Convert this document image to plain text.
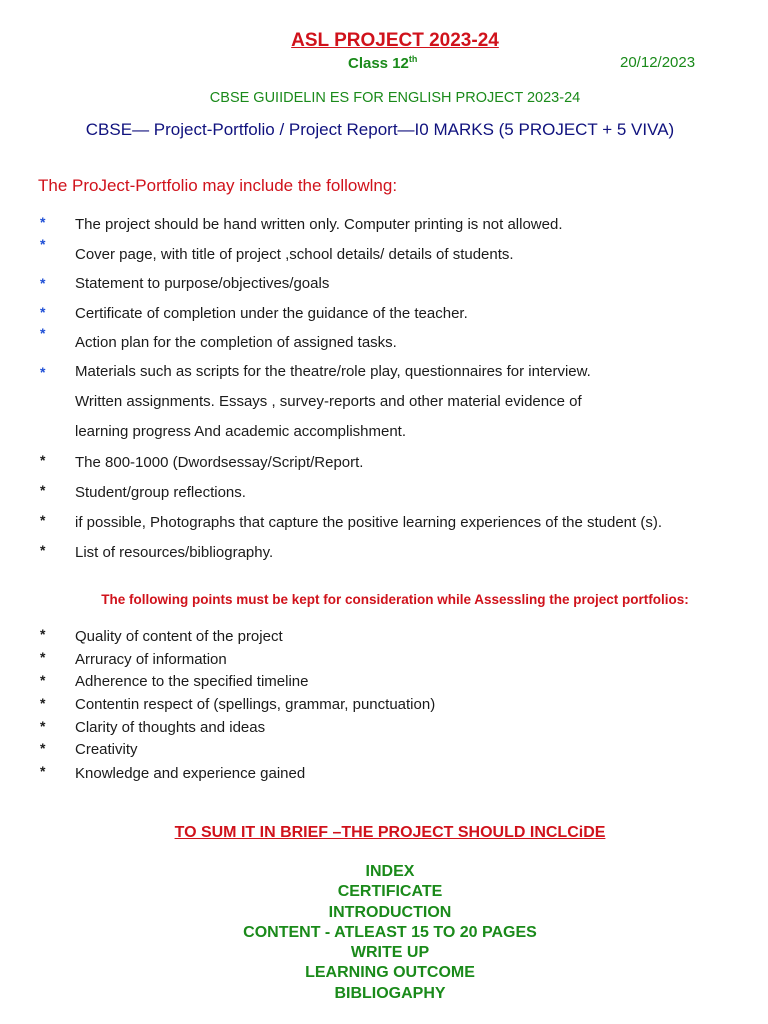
ASL PROJECT 2023-24
Class 12th	20/12/2023
CBSE GUIIDELIN ES FOR ENGLISH PROJECT 2023-24
CBSE— Project-Portfolio / Project Report—I0 MARKS (5 PROJECT + 5 VIVA)
The ProJect-Portfolio may include the followlng:
* The project should be hand written only. Computer printing is not allowed.
*
Cover page, with title of project ,school details/ details of students.
* Statement to purpose/objectives/goals
* Certificate of completion under the guidance of the teacher.
*
Action plan for the completion of assigned tasks.
* Materials such as scripts for the theatre/role play, questionnaires for interview.
Written assignments. Essays , survey-reports and other material evidence of
learning progress And academic accomplishment.
* The 800-1000 (Dwordsessay/Script/Report.
* Student/group reflections.
* if possible, Photographs that capture the positive learning experiences of the student (s).
* List of resources/bibliography.
The following points must be kept for consideration while Assessling the project portfolios:
* Quality of content of the project
* Arruracy of information
* Adherence to the specified timeline
* Contentin respect of (spellings, grammar, punctuation)
* Clarity of thoughts and ideas
* Creativity
* Knowledge and experience gained
TO SUM IT IN BRIEF –THE PROJECT SHOULD INCLCiDE
INDEX
CERTIFICATE
INTRODUCTION
CONTENT - ATLEAST 15 TO 20 PAGES
WRITE UP
LEARNING OUTCOME
BIBLIOGAPHY
